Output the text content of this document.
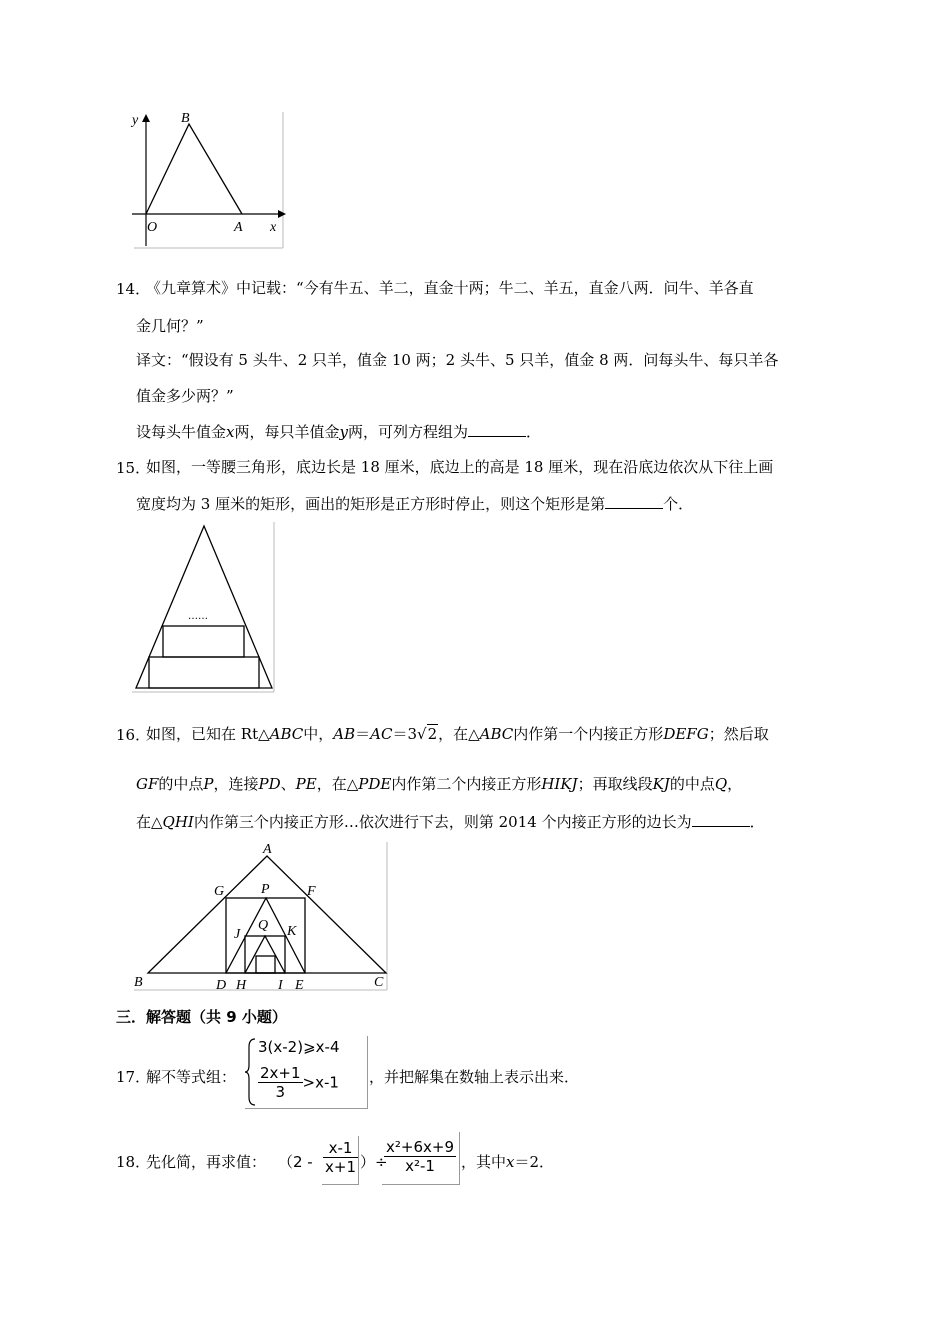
y	B
O	A x
14．
《九章算术》中记载：“今有牛五、羊二，直金十两；牛二、羊五，直金八两．问牛、羊各直
金几何？”
译文：“假设有 5 头牛、2 只羊，值金 10 两；2 头牛、5 只羊，值金 8 两．问每头牛、每只羊各
值金多少两？”
设每头牛值金x两，每只羊值金y两，可列方程组为	．
15．
如图，一等腰三角形，底边长是 18 厘米，底边上的高是 18 厘米，现在沿底边依次从下往上画
宽度均为 3 厘米的矩形，画出的矩形是正方形时停止，则这个矩形是第	个．
……
16．
如图，已知在 Rt△ABC中，AB＝AC＝3√2，在△ABC内作第一个内接正方形DEFG；然后取
GF的中点P，连接PD、PE，在△PDE内作第二个内接正方形HIKJ；再取线段KJ的中点Q，
在△QHI内作第三个内接正方形…依次进行下去，则第 2014 个内接正方形的边长为	．
A
G	P	F
Q
J	K
B	D H I E	C
三．解答题（共 9 小题）
17．
解不等式组：
3(x-2)⩾x-4
$\frac{2x+1}{3} >x-1$ ，并把解集在数轴上表示出来．
18．
先化简，再求值： （$2 - \frac{x-1}{x+1}$ ）÷
$\frac{\text{x²+6x+9}}{\text{x²-1}}$ ，其中x＝2．
